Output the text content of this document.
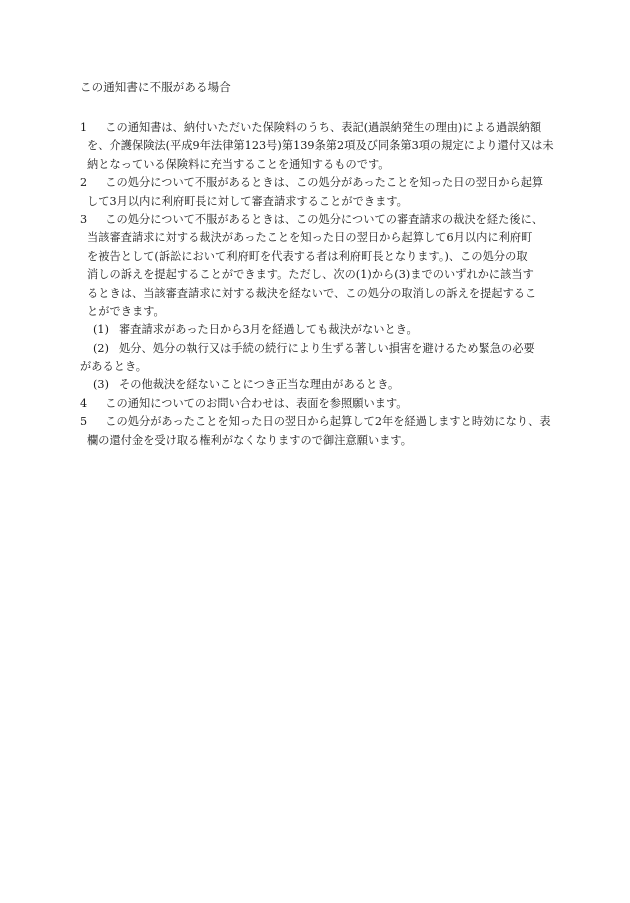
この通知書に不服がある場合
1　この通知書は、納付いただいた保険料のうち、表記(過誤納発生の理由)による過誤納額
を、介護保険法(平成9年法律第123号)第139条第2項及び同条第3項の規定により還付又は未
納となっている保険料に充当することを通知するものです。
2　この処分について不服があるときは、この処分があったことを知った日の翌日から起算
して3月以内に利府町長に対して審査請求することができます。
3　この処分について不服があるときは、この処分についての審査請求の裁決を経た後に、
当該審査請求に対する裁決があったことを知った日の翌日から起算して6月以内に利府町
を被告として(訴訟において利府町を代表する者は利府町長となります。)、この処分の取
消しの訴えを提起することができます。ただし、次の(1)から(3)までのいずれかに該当す
るときは、当該審査請求に対する裁決を経ないで、この処分の取消しの訴えを提起するこ
とができます。
(1) 審査請求があった日から3月を経過しても裁決がないとき。
(2) 処分、処分の執行又は手続の続行により生ずる著しい損害を避けるため緊急の必要
があるとき。
(3) その他裁決を経ないことにつき正当な理由があるとき。
4　この通知についてのお問い合わせは、表面を参照願います。
5　この処分があったことを知った日の翌日から起算して2年を経過しますと時効になり、表
欄の還付金を受け取る権利がなくなりますので御注意願います。
